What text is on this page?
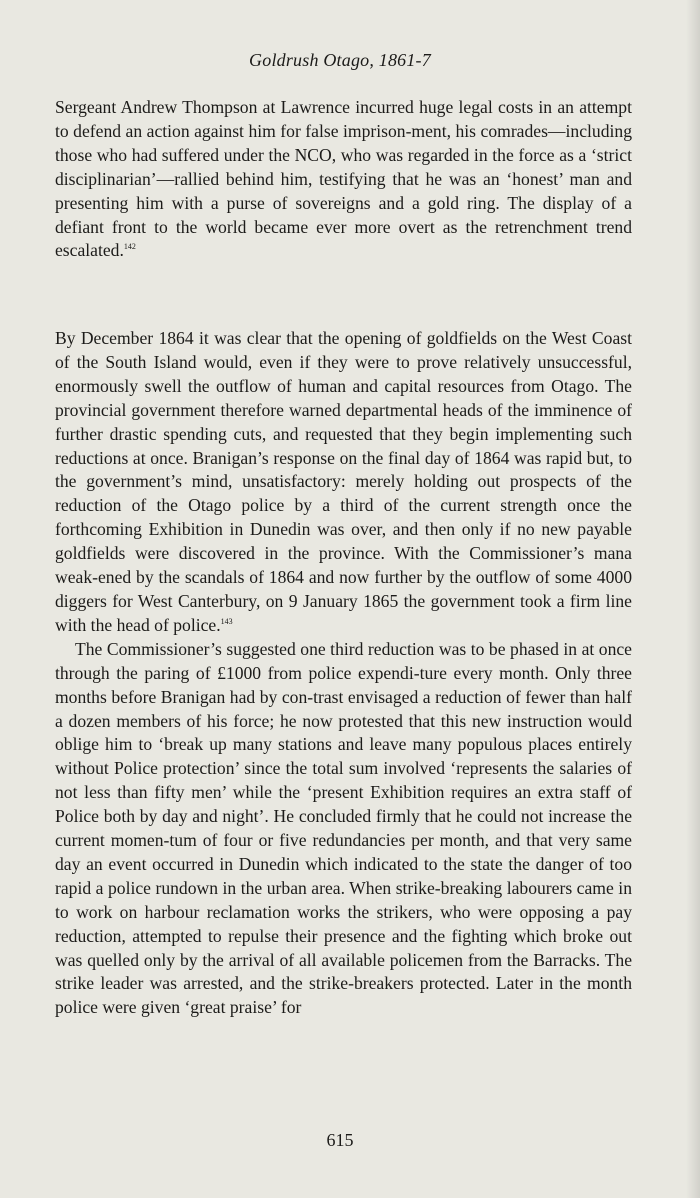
Goldrush Otago, 1861-7

Sergeant Andrew Thompson at Lawrence incurred huge legal costs in an attempt to defend an action against him for false imprison-ment, his comrades—including those who had suffered under the NCO, who was regarded in the force as a ‘strict disciplinarian’—rallied behind him, testifying that he was an ‘honest’ man and presenting him with a purse of sovereigns and a gold ring. The display of a defiant front to the world became ever more overt as the retrenchment trend escalated.$^{142}$

By December 1864 it was clear that the opening of goldfields on the West Coast of the South Island would, even if they were to prove relatively unsuccessful, enormously swell the outflow of human and capital resources from Otago. The provincial government therefore warned departmental heads of the imminence of further drastic spending cuts, and requested that they begin implementing such reductions at once. Branigan’s response on the final day of 1864 was rapid but, to the government’s mind, unsatisfactory: merely holding out prospects of the reduction of the Otago police by a third of the current strength once the forthcoming Exhibition in Dunedin was over, and then only if no new payable goldfields were discovered in the province. With the Commissioner’s mana weak-ened by the scandals of 1864 and now further by the outflow of some 4000 diggers for West Canterbury, on 9 January 1865 the government took a firm line with the head of police.$^{143}$

The Commissioner’s suggested one third reduction was to be phased in at once through the paring of £1000 from police expendi-ture every month. Only three months before Branigan had by con-trast envisaged a reduction of fewer than half a dozen members of his force; he now protested that this new instruction would oblige him to ‘break up many stations and leave many populous places entirely without Police protection’ since the total sum involved ‘represents the salaries of not less than fifty men’ while the ‘present Exhibition requires an extra staff of Police both by day and night’. He concluded firmly that he could not increase the current momen-tum of four or five redundancies per month, and that very same day an event occurred in Dunedin which indicated to the state the danger of too rapid a police rundown in the urban area. When strike-breaking labourers came in to work on harbour reclamation works the strikers, who were opposing a pay reduction, attempted to repulse their presence and the fighting which broke out was quelled only by the arrival of all available policemen from the Barracks. The strike leader was arrested, and the strike-breakers protected. Later in the month police were given ‘great praise’ for

615
